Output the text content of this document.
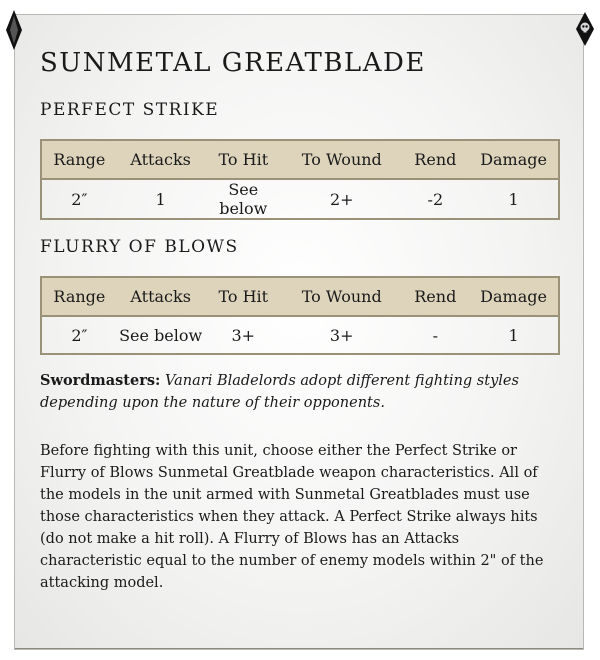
SUNMETAL GREATBLADE
PERFECT STRIKE
Range	Attacks	To Hit	To Wound	Rend	Damage
2″	1	See below	2+	-2	1
FLURRY OF BLOWS
Range	Attacks	To Hit	To Wound	Rend	Damage
2″	See below	3+	3+	-	1
Swordmasters: Vanari Bladelords adopt different fighting styles depending upon the nature of their opponents.
Before fighting with this unit, choose either the Perfect Strike or Flurry of Blows Sunmetal Greatblade weapon characteristics. All of the models in the unit armed with Sunmetal Greatblades must use those characteristics when they attack. A Perfect Strike always hits (do not make a hit roll). A Flurry of Blows has an Attacks characteristic equal to the number of enemy models within 2" of the attacking model.
